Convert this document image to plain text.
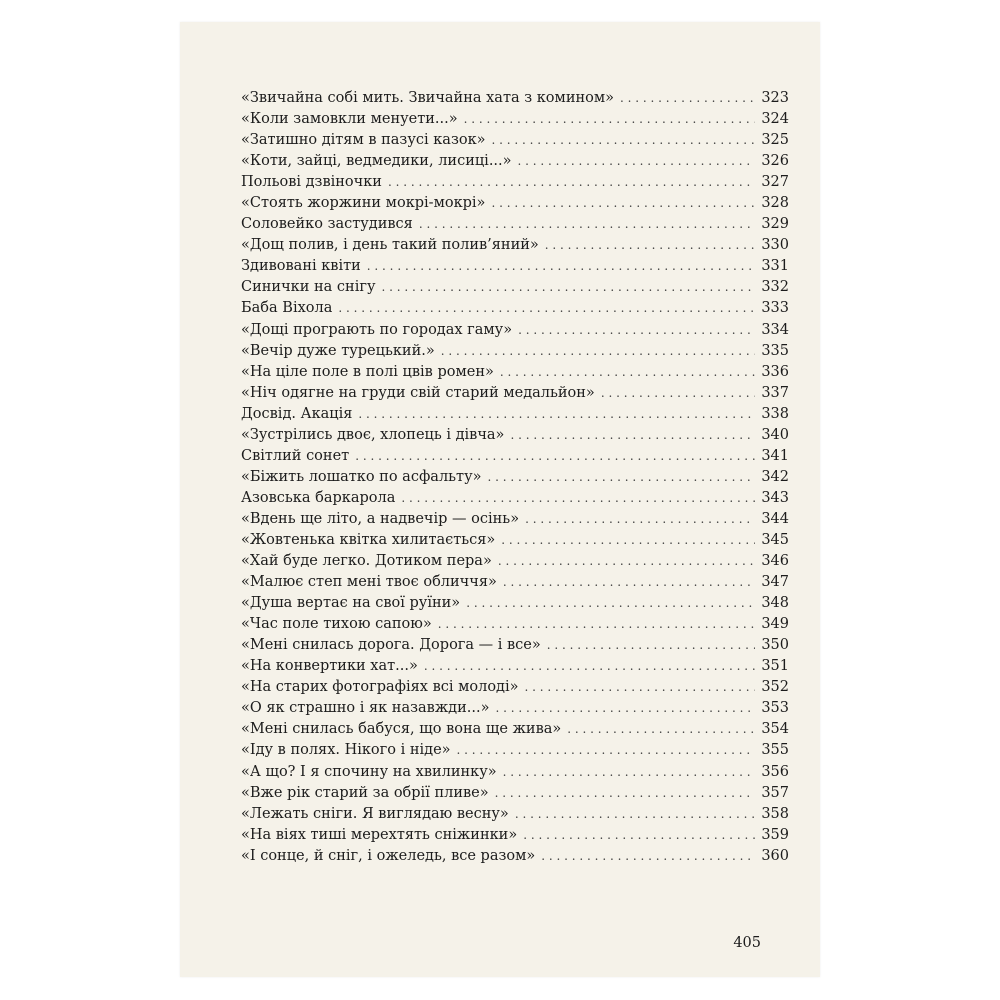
«Звичайна собі мить. Звичайна хата з комином» . . .	323
«Коли замовкли менуети...» . . .	324
«Затишно дітям в пазусі казок» . . .	325
«Коти, зайці, ведмедики, лисиці...» . . .	326
Польові дзвіночки . . .	327
«Стоять жоржини мокрі-мокрі» . . .	328
Соловейко застудився . . .	329
«Дощ полив, і день такий полив’яний» . . .	330
Здивовані квіти . . .	331
Синички на снігу . . .	332
Баба Віхола . . .	333
«Дощі програють по городах гаму» . . .	334
«Вечір дуже турецький.» . . .	335
«На ціле поле в полі цвів ромен» . . .	336
«Ніч одягне на груди свій старий медальйон» . . .	337
Досвід. Акація . . .	338
«Зустрілись двоє, хлопець і дівча» . . .	340
Світлий сонет . . .	341
«Біжить лошатко по асфальту» . . .	342
Азовська баркарола . . .	343
«Вдень ще літо, а надвечір — осінь» . . .	344
«Жовтенька квітка хилитається» . . .	345
«Хай буде легко. Дотиком пера» . . .	346
«Малює степ мені твоє обличчя» . . .	347
«Душа вертає на свої руїни» . . .	348
«Час поле тихою сапою» . . .	349
«Мені снилась дорога. Дорога — і все» . . .	350
«На конвертики хат...» . . .	351
«На старих фотографіях всі молоді» . . .	352
«О як страшно і як назавжди...» . . .	353
«Мені снилась бабуся, що вона ще жива» . . .	354
«Іду в полях. Нікого і ніде» . . .	355
«А що? І я спочину на хвилинку» . . .	356
«Вже рік старий за обрії пливе» . . .	357
«Лежать сніги. Я виглядаю весну» . . .	358
«На віях тиші мерехтять сніжинки» . . .	359
«І сонце, й сніг, і ожеледь, все разом» . . .	360
405
